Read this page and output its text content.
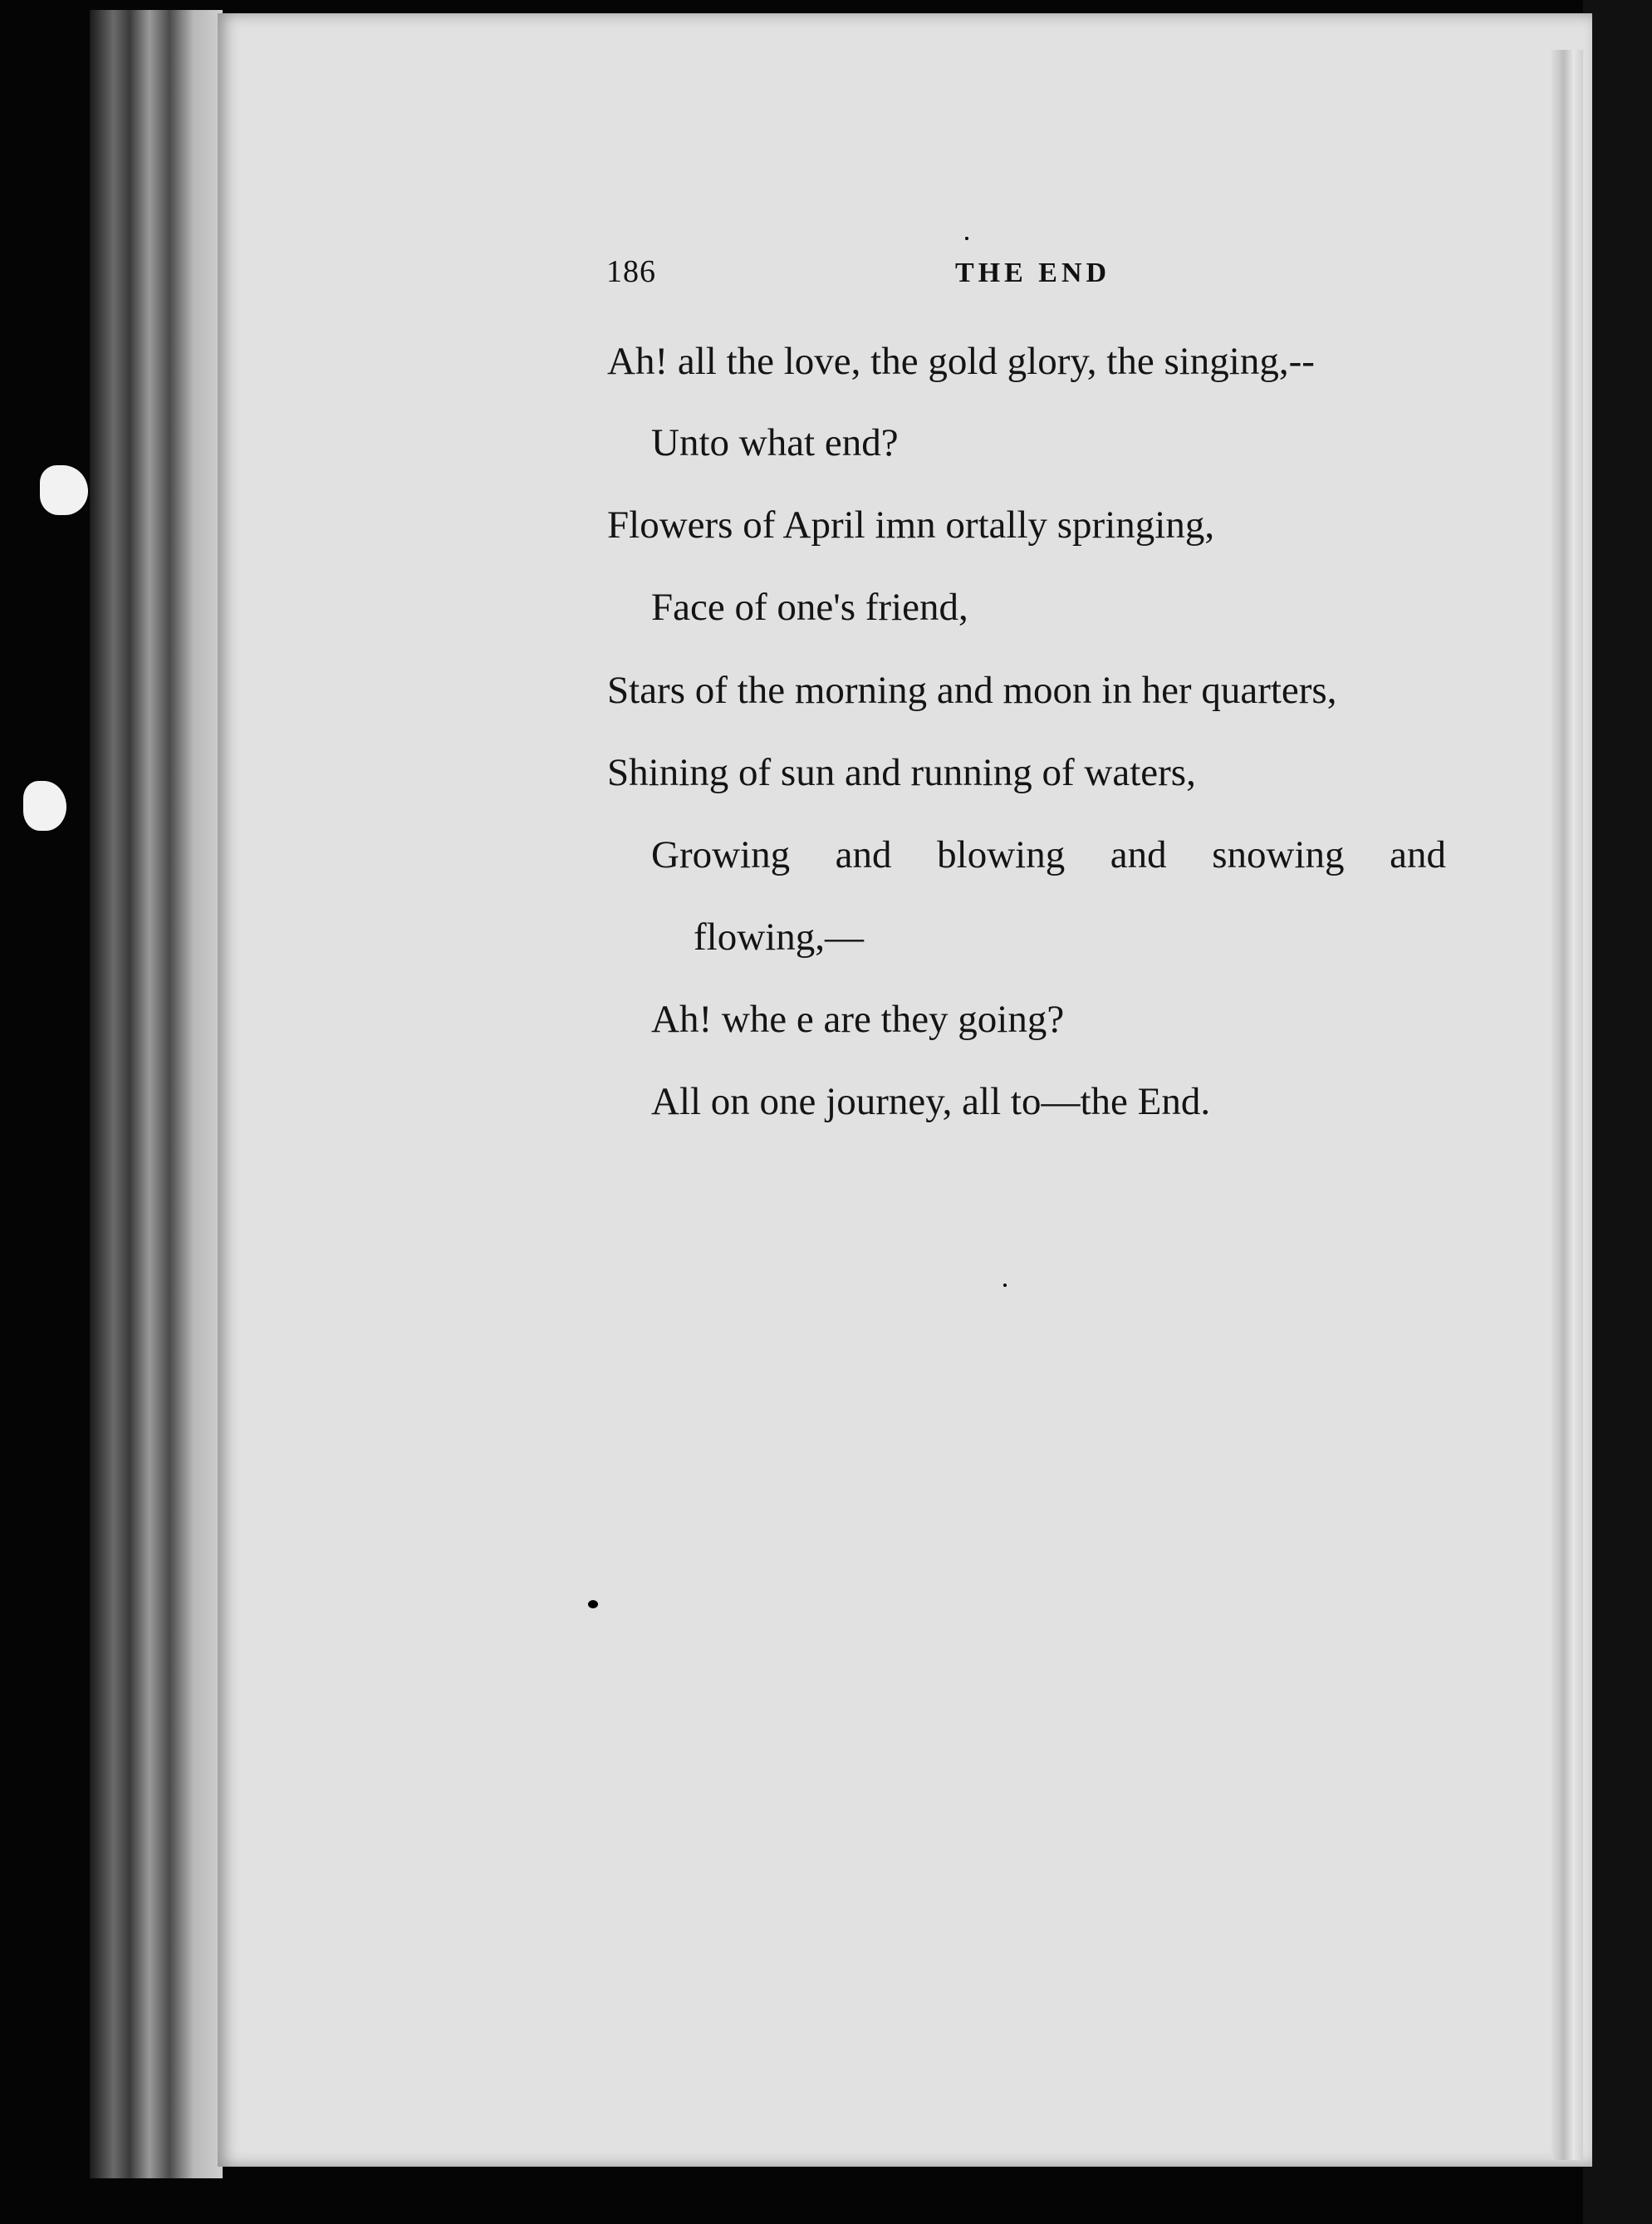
186	THE END
Ah! all the love, the gold glory, the singing,--
Unto what end?
Flowers of April imn ortally springing,
Face of one's friend,
Stars of the morning and moon in her quarters,
Shining of sun and running of waters,
Growing and blowing and snowing and
flowing,—
Ah! whe e are they going?
All on one journey, all to—the End.
